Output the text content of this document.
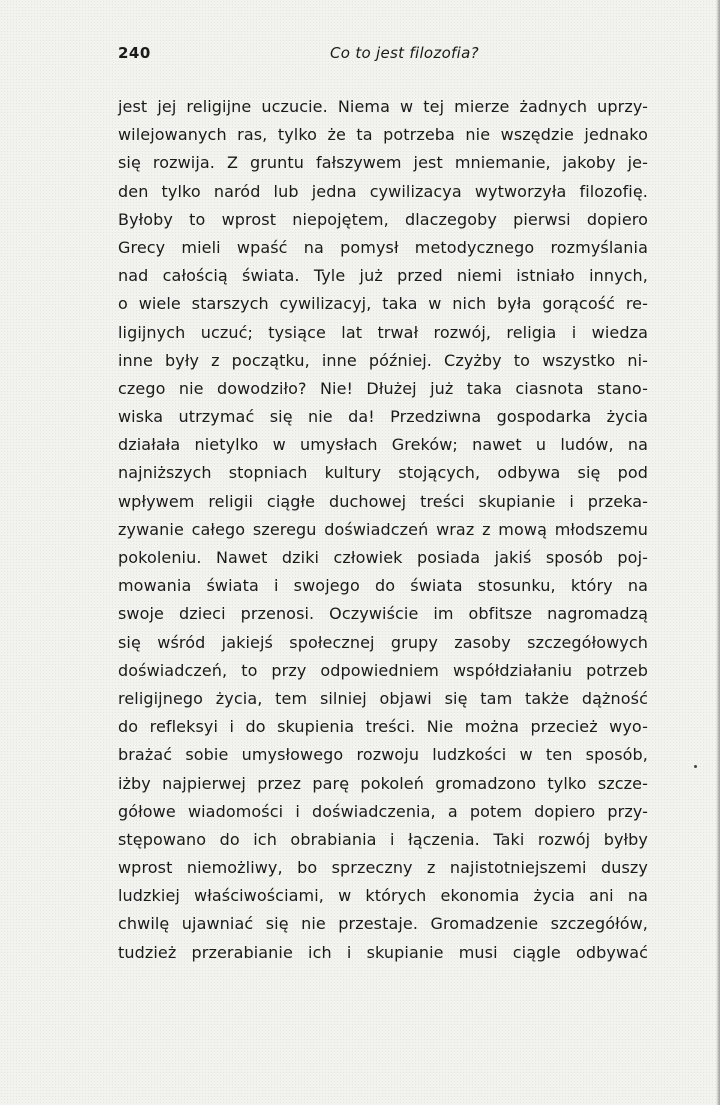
240	Co to jest filozofia?
jest jej religijne uczucie. Niema w tej mierze żadnych uprzy-
wilejowanych ras, tylko że ta potrzeba nie wszędzie jednako
się rozwija. Z gruntu fałszywem jest mniemanie, jakoby je-
den tylko naród lub jedna cywilizacya wytworzyła filozofię.
Byłoby to wprost niepojętem, dlaczegoby pierwsi dopiero
Grecy mieli wpaść na pomysł metodycznego rozmyślania
nad całością świata. Tyle już przed niemi istniało innych,
o wiele starszych cywilizacyj, taka w nich była gorącość re-
ligijnych uczuć; tysiące lat trwał rozwój, religia i wiedza
inne były z początku, inne później. Czyżby to wszystko ni-
czego nie dowodziło? Nie! Dłużej już taka ciasnota stano-
wiska utrzymać się nie da! Przedziwna gospodarka życia
działała nietylko w umysłach Greków; nawet u ludów, na
najniższych stopniach kultury stojących, odbywa się pod
wpływem religii ciągłe duchowej treści skupianie i przeka-
zywanie całego szeregu doświadczeń wraz z mową młodszemu
pokoleniu. Nawet dziki człowiek posiada jakiś sposób poj-
mowania świata i swojego do świata stosunku, który na
swoje dzieci przenosi. Oczywiście im obfitsze nagromadzą
się wśród jakiejś społecznej grupy zasoby szczegółowych
doświadczeń, to przy odpowiedniem współdziałaniu potrzeb
religijnego życia, tem silniej objawi się tam także dążność
do refleksyi i do skupienia treści. Nie można przecież wyo-
brażać sobie umysłowego rozwoju ludzkości w ten sposób,
iżby najpierwej przez parę pokoleń gromadzono tylko szcze-
gółowe wiadomości i doświadczenia, a potem dopiero przy-
stępowano do ich obrabiania i łączenia. Taki rozwój byłby
wprost niemożliwy, bo sprzeczny z najistotniejszemi duszy
ludzkiej właściwościami, w których ekonomia życia ani na
chwilę ujawniać się nie przestaje. Gromadzenie szczegółów,
tudzież przerabianie ich i skupianie musi ciągle odbywać
